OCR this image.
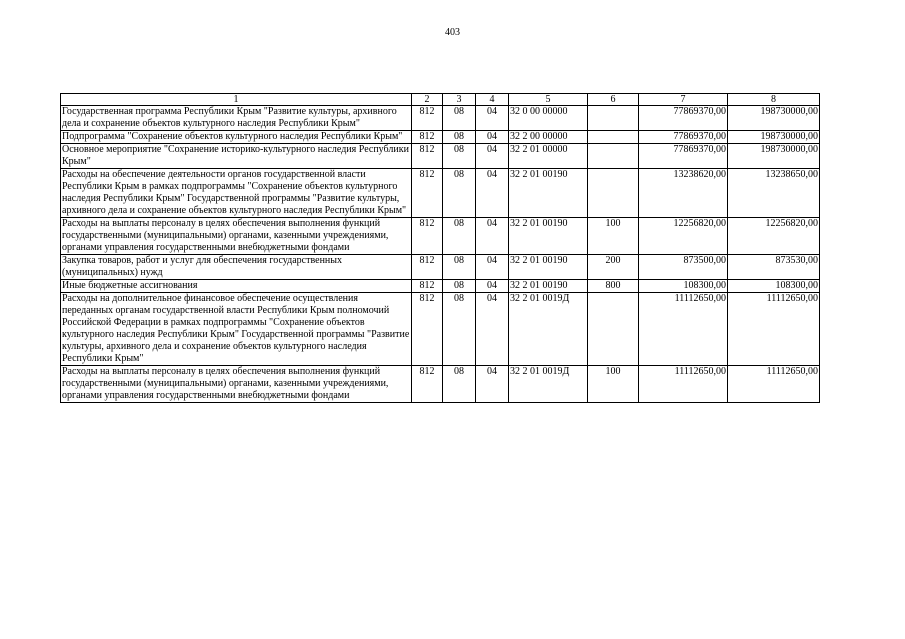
403
1	2	3	4	5	6	7	8
Государственная программа Республики Крым "Развитие культуры, архивного дела и сохранение объектов культурного наследия Республики Крым"	812	08	04	32 0 00 00000		77869370,00	198730000,00
Подпрограмма "Сохранение объектов культурного наследия Республики Крым"	812	08	04	32 2 00 00000		77869370,00	198730000,00
Основное мероприятие "Сохранение историко-культурного наследия Республики Крым"	812	08	04	32 2 01 00000		77869370,00	198730000,00
Расходы на обеспечение деятельности органов государственной власти Республики Крым в рамках подпрограммы "Сохранение объектов культурного наследия Республики Крым" Государственной программы "Развитие культуры, архивного дела и сохранение объектов культурного наследия Республики Крым"	812	08	04	32 2 01 00190		13238620,00	13238650,00
Расходы на выплаты персоналу в целях обеспечения выполнения функций государственными (муниципальными) органами, казенными учреждениями, органами управления государственными внебюджетными фондами	812	08	04	32 2 01 00190	100	12256820,00	12256820,00
Закупка товаров, работ и услуг для обеспечения государственных (муниципальных) нужд	812	08	04	32 2 01 00190	200	873500,00	873530,00
Иные бюджетные ассигнования	812	08	04	32 2 01 00190	800	108300,00	108300,00
Расходы на дополнительное финансовое обеспечение осуществления переданных органам государственной власти Республики Крым полномочий Российской Федерации в рамках подпрограммы "Сохранение объектов культурного наследия Республики Крым" Государственной программы "Развитие культуры, архивного дела и сохранение объектов культурного наследия Республики Крым"	812	08	04	32 2 01 0019Д		11112650,00	11112650,00
Расходы на выплаты персоналу в целях обеспечения выполнения функций государственными (муниципальными) органами, казенными учреждениями, органами управления государственными внебюджетными фондами	812	08	04	32 2 01 0019Д	100	11112650,00	11112650,00
